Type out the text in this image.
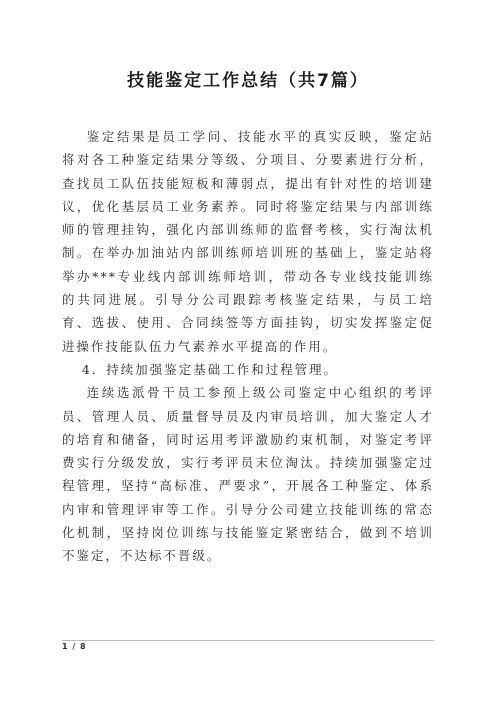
技能鉴定工作总结（共7篇）

鉴定结果是员工学问、技能水平的真实反映，鉴定站将对各工种鉴定结果分等级、分项目、分要素进行分析，查找员工队伍技能短板和薄弱点，提出有针对性的培训建议，优化基层员工业务素养。同时将鉴定结果与内部训练师的管理挂钩，强化内部训练师的监督考核，实行淘汰机制。在举办加油站内部训练师培训班的基础上，鉴定站将举办***专业线内部训练师培训，带动各专业线技能训练的共同进展。引导分公司跟踪考核鉴定结果，与员工培育、选拔、使用、合同续签等方面挂钩，切实发挥鉴定促进操作技能队伍力气素养水平提高的作用。

4．持续加强鉴定基础工作和过程管理。

连续选派骨干员工参预上级公司鉴定中心组织的考评员、管理人员、质量督导员及内审员培训，加大鉴定人才的培育和储备，同时运用考评激励约束机制，对鉴定考评费实行分级发放，实行考评员末位淘汰。持续加强鉴定过程管理，坚持“高标准、严要求”，开展各工种鉴定、体系内审和管理评审等工作。引导分公司建立技能训练的常态化机制，坚持岗位训练与技能鉴定紧密结合，做到不培训不鉴定，不达标不晋级。

1 / 8
